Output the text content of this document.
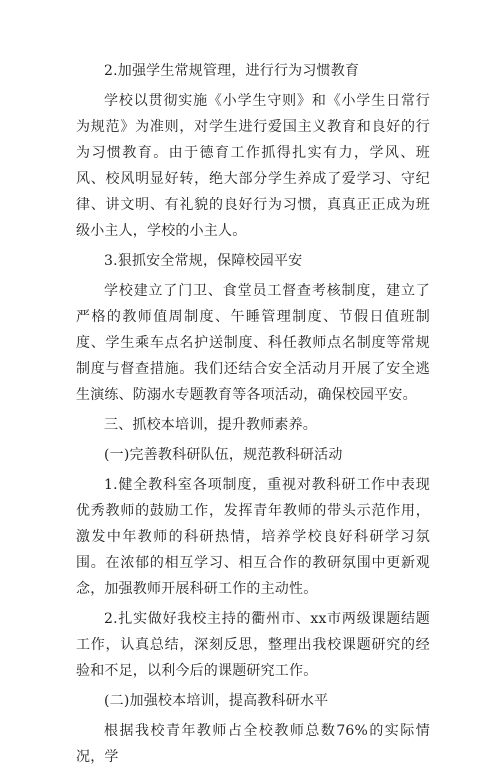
2.加强学生常规管理，进行行为习惯教育

学校以贯彻实施《小学生守则》和《小学生日常行为规范》为准则，对学生进行爱国主义教育和良好的行为习惯教育。由于德育工作抓得扎实有力，学风、班风、校风明显好转，绝大部分学生养成了爱学习、守纪律、讲文明、有礼貌的良好行为习惯，真真正正成为班级小主人，学校的小主人。

3.狠抓安全常规，保障校园平安

学校建立了门卫、食堂员工督查考核制度，建立了严格的教师值周制度、午睡管理制度、节假日值班制度、学生乘车点名护送制度、科任教师点名制度等常规制度与督查措施。我们还结合安全活动月开展了安全逃生演练、防溺水专题教育等各项活动，确保校园平安。

三、抓校本培训，提升教师素养。

(一)完善教科研队伍，规范教科研活动

1.健全教科室各项制度，重视对教科研工作中表现优秀教师的鼓励工作，发挥青年教师的带头示范作用，激发中年教师的科研热情，培养学校良好科研学习氛围。在浓郁的相互学习、相互合作的教研氛围中更新观念，加强教师开展科研工作的主动性。

2.扎实做好我校主持的衢州市、xx市两级课题结题工作，认真总结，深刻反思，整理出我校课题研究的经验和不足，以利今后的课题研究工作。

(二)加强校本培训，提高教科研水平

根据我校青年教师占全校教师总数76%的实际情况，学
